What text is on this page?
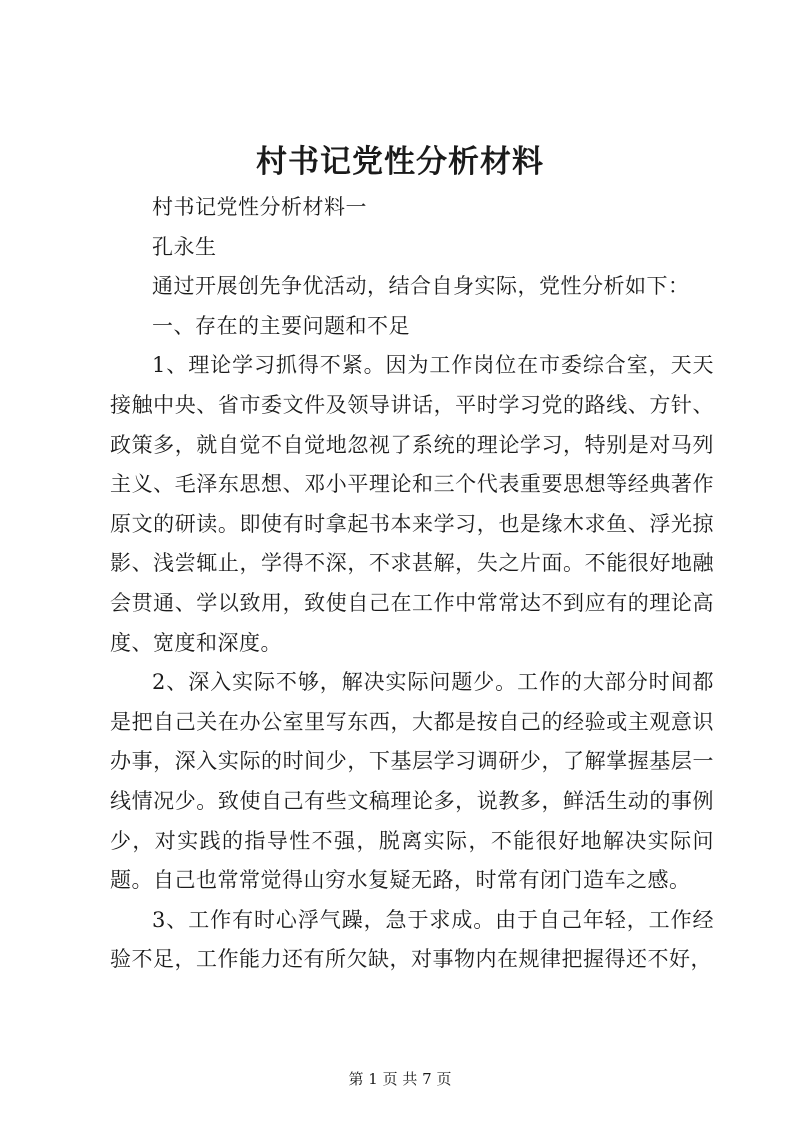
村书记党性分析材料

村书记党性分析材料一

孔永生

通过开展创先争优活动，结合自身实际，党性分析如下：

一、存在的主要问题和不足

1、理论学习抓得不紧。因为工作岗位在市委综合室，天天接触中央、省市委文件及领导讲话，平时学习党的路线、方针、政策多，就自觉不自觉地忽视了系统的理论学习，特别是对马列主义、毛泽东思想、邓小平理论和三个代表重要思想等经典著作原文的研读。即使有时拿起书本来学习，也是缘木求鱼、浮光掠影、浅尝辄止，学得不深，不求甚解，失之片面。不能很好地融会贯通、学以致用，致使自己在工作中常常达不到应有的理论高度、宽度和深度。

2、深入实际不够，解决实际问题少。工作的大部分时间都是把自己关在办公室里写东西，大都是按自己的经验或主观意识办事，深入实际的时间少，下基层学习调研少，了解掌握基层一线情况少。致使自己有些文稿理论多，说教多，鲜活生动的事例少，对实践的指导性不强，脱离实际，不能很好地解决实际问题。自己也常常觉得山穷水复疑无路，时常有闭门造车之感。

3、工作有时心浮气躁，急于求成。由于自己年轻，工作经验不足，工作能力还有所欠缺，对事物内在规律把握得还不好，

第 1 页 共 7 页
